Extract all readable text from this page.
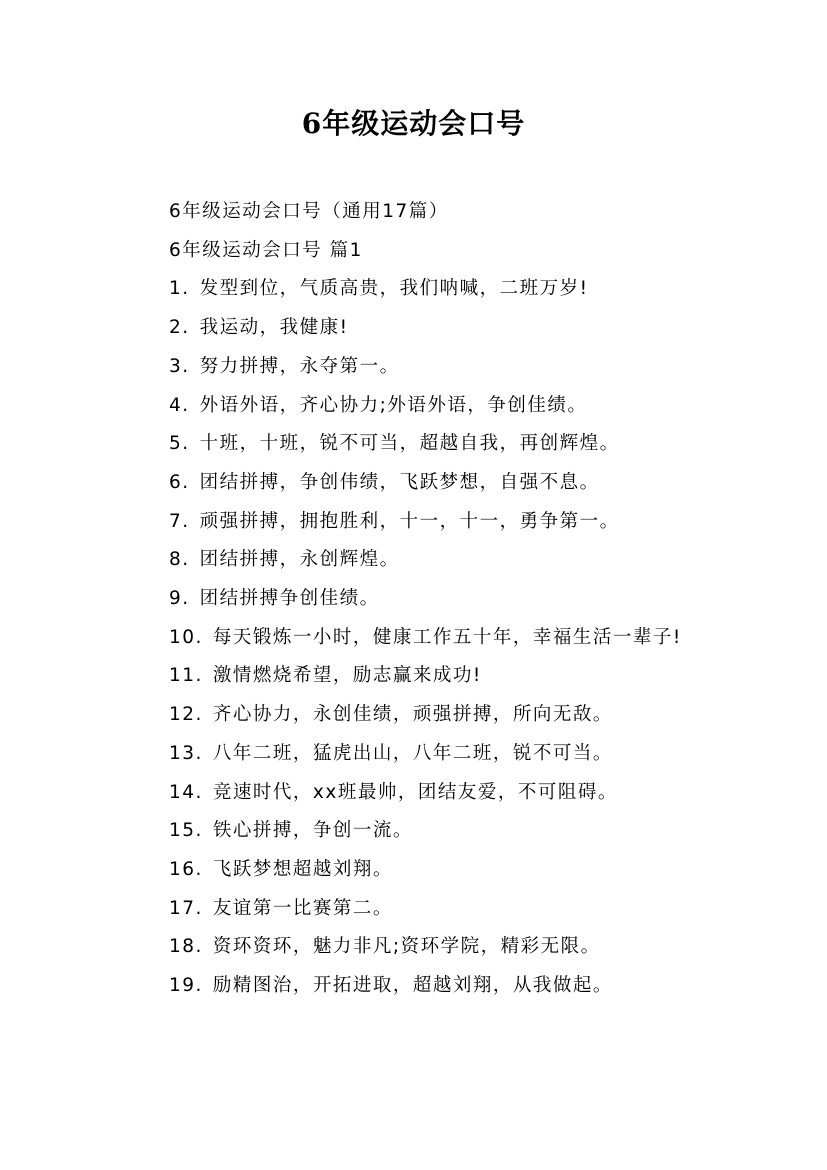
6年级运动会口号

6年级运动会口号（通用17篇）

6年级运动会口号 篇1

1. 发型到位，气质高贵，我们呐喊，二班万岁!

2. 我运动，我健康!

3. 努力拼搏，永夺第一。

4. 外语外语，齐心协力;外语外语，争创佳绩。

5. 十班，十班，锐不可当，超越自我，再创辉煌。

6. 团结拼搏，争创伟绩，飞跃梦想，自强不息。

7. 顽强拼搏，拥抱胜利，十一，十一，勇争第一。

8. 团结拼搏，永创辉煌。

9. 团结拼搏争创佳绩。

10. 每天锻炼一小时，健康工作五十年，幸福生活一辈子!

11. 激情燃烧希望，励志赢来成功!

12. 齐心协力，永创佳绩，顽强拼搏，所向无敌。

13. 八年二班，猛虎出山，八年二班，锐不可当。

14. 竞速时代，xx班最帅，团结友爱，不可阻碍。

15. 铁心拼搏，争创一流。

16. 飞跃梦想超越刘翔。

17. 友谊第一比赛第二。

18. 资环资环，魅力非凡;资环学院，精彩无限。

19. 励精图治，开拓进取，超越刘翔，从我做起。
